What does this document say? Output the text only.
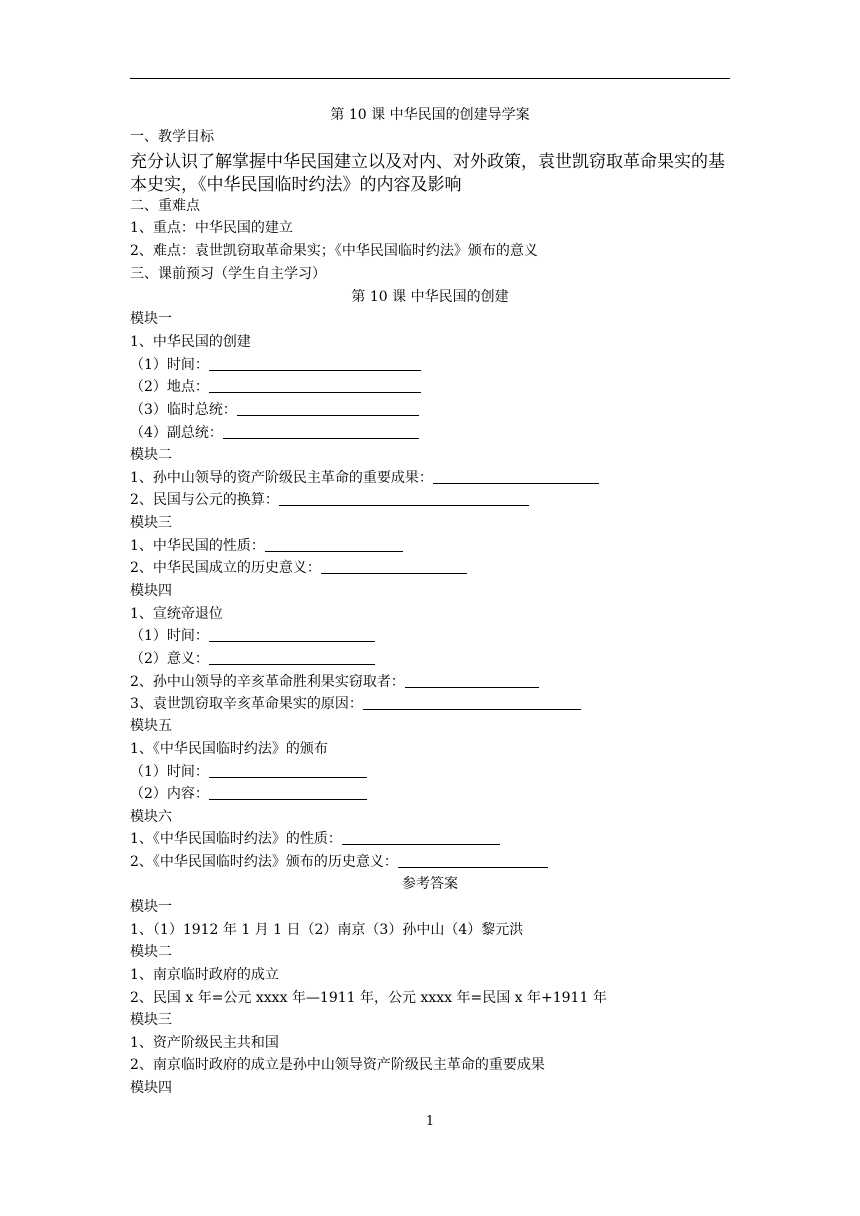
第 10 课 中华民国的创建导学案
一、教学目标
充分认识了解掌握中华民国建立以及对内、对外政策，袁世凯窃取革命果实的基
本史实，《中华民国临时约法》的内容及影响
二、重难点
1、重点：中华民国的建立
2、难点：袁世凯窃取革命果实；《中华民国临时约法》颁布的意义
三、课前预习（学生自主学习）
第 10 课 中华民国的创建
模块一
1、中华民国的创建
（1）时间：
（2）地点：
（3）临时总统：
（4）副总统：
模块二
1、孙中山领导的资产阶级民主革命的重要成果：
2、民国与公元的换算：
模块三
1、中华民国的性质：
2、中华民国成立的历史意义：
模块四
1、宣统帝退位
（1）时间：
（2）意义：
2、孙中山领导的辛亥革命胜利果实窃取者：
3、袁世凯窃取辛亥革命果实的原因：
模块五
1、《中华民国临时约法》的颁布
（1）时间：
（2）内容：
模块六
1、《中华民国临时约法》的性质：
2、《中华民国临时约法》颁布的历史意义：
参考答案
模块一
1、（1）1912 年 1 月 1 日（2）南京（3）孙中山（4）黎元洪
模块二
1、南京临时政府的成立
2、民国 x 年=公元 xxxx 年—1911 年，公元 xxxx 年=民国 x 年+1911 年
模块三
1、资产阶级民主共和国
2、南京临时政府的成立是孙中山领导资产阶级民主革命的重要成果
模块四
1
